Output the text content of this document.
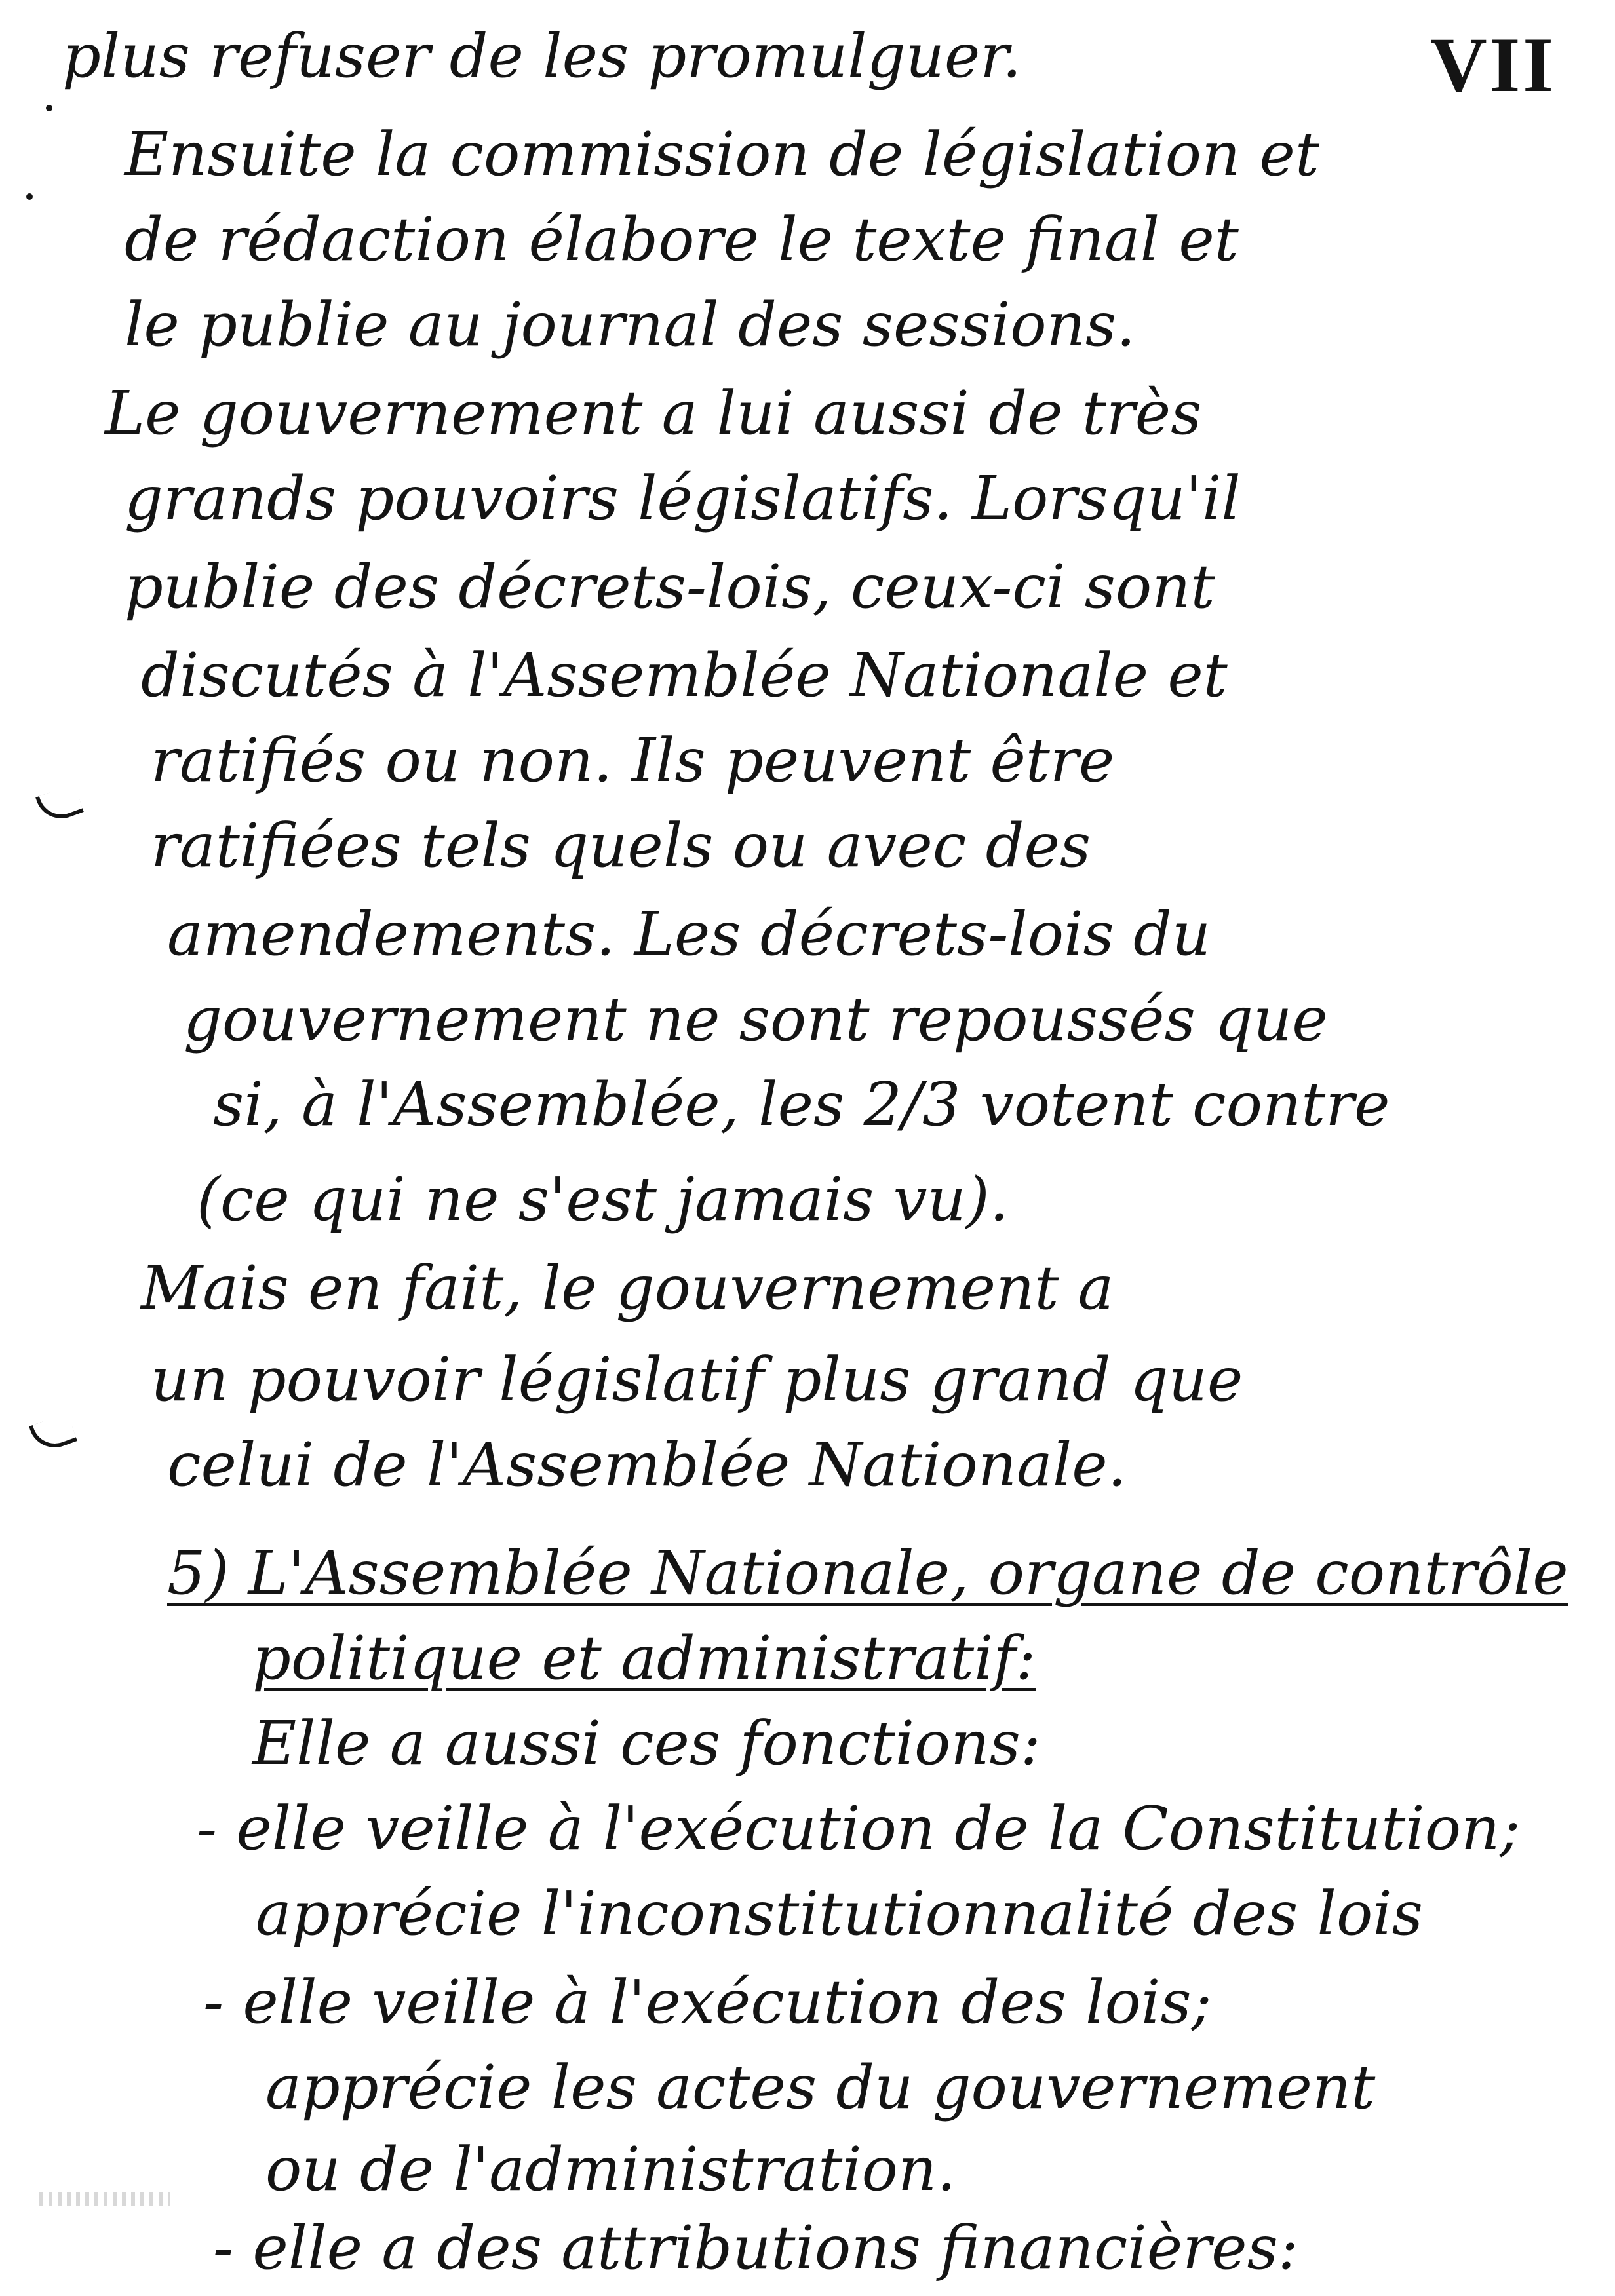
VII
plus refuser de les promulguer.
Ensuite la commission de législation et
de rédaction élabore le texte final et
le publie au journal des sessions.
Le gouvernement a lui aussi de très
grands pouvoirs législatifs. Lorsqu'il
publie des décrets-lois, ceux-ci sont
discutés à l'Assemblée Nationale et
ratifiés ou non. Ils peuvent être
ratifiées tels quels ou avec des
amendements. Les décrets-lois du
gouvernement ne sont repoussés que
si, à l'Assemblée, les 2/3 votent contre
(ce qui ne s'est jamais vu).
Mais en fait, le gouvernement a
un pouvoir législatif plus grand que
celui de l'Assemblée Nationale.
5) L'Assemblée Nationale, organe de contrôle
politique et administratif:
Elle a aussi ces fonctions:
- elle veille à l'exécution de la Constitution;
apprécie l'inconstitutionnalité des lois
- elle veille à l'exécution des lois;
apprécie les actes du gouvernement
ou de l'administration.
- elle a des attributions financières:
